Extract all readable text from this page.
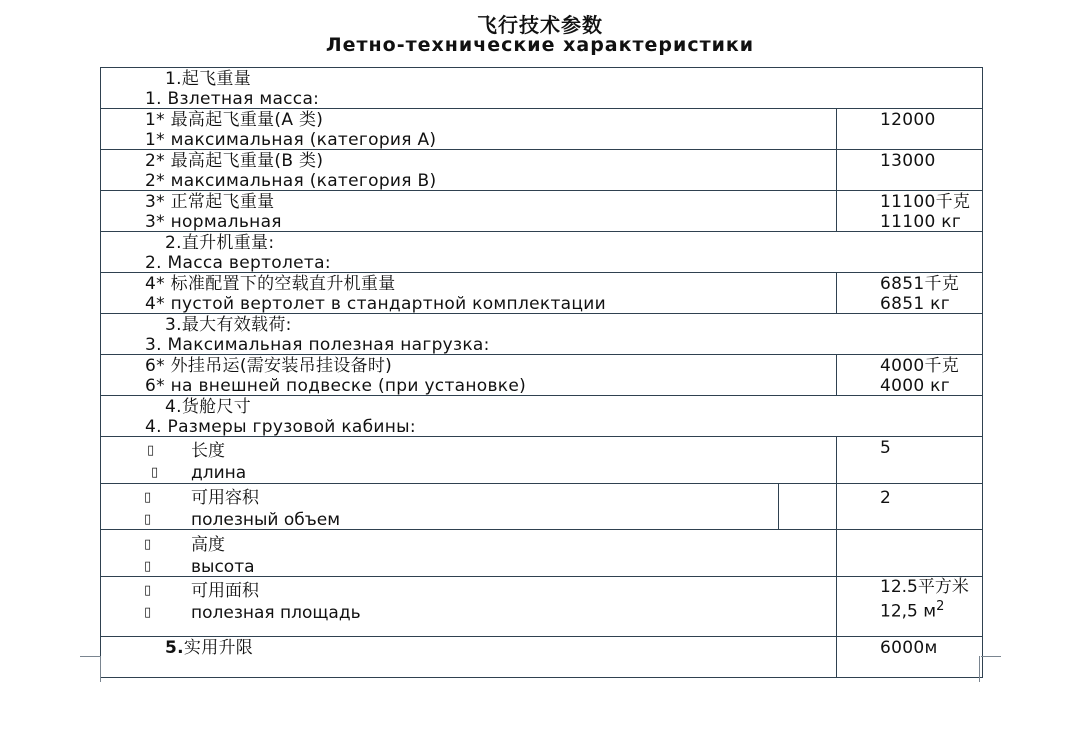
飞行技术参数
Летно-технические характеристики
1.起飞重量
1. Взлетная масса:
1* 最高起飞重量(A 类)
1* максимальная (категория А)
12000
2* 最高起飞重量(B 类)
2* максимальная (категория В)
13000
3* 正常起飞重量
3* нормальная
11100千克
11100 кг
2.直升机重量:
2. Масса вертолета:
4* 标准配置下的空载直升机重量
4* пустой вертолет в стандартной комплектации
6851千克
6851 кг
3.最大有效载荷:
3. Максимальная полезная нагрузка:
6* 外挂吊运(需安装吊挂设备时)
6* на внешней подвеске (при установке)
4000千克
4000 кг
4.货舱尺寸
4. Размеры грузовой кабины:
▯
▯
长度
длина
5
▯
▯
可用容积
полезный объем
2
▯
▯
高度
высота
▯
▯
可用面积
полезная площадь
12.5平方米
12,5 $м^2$
5.实用升限	6000м
